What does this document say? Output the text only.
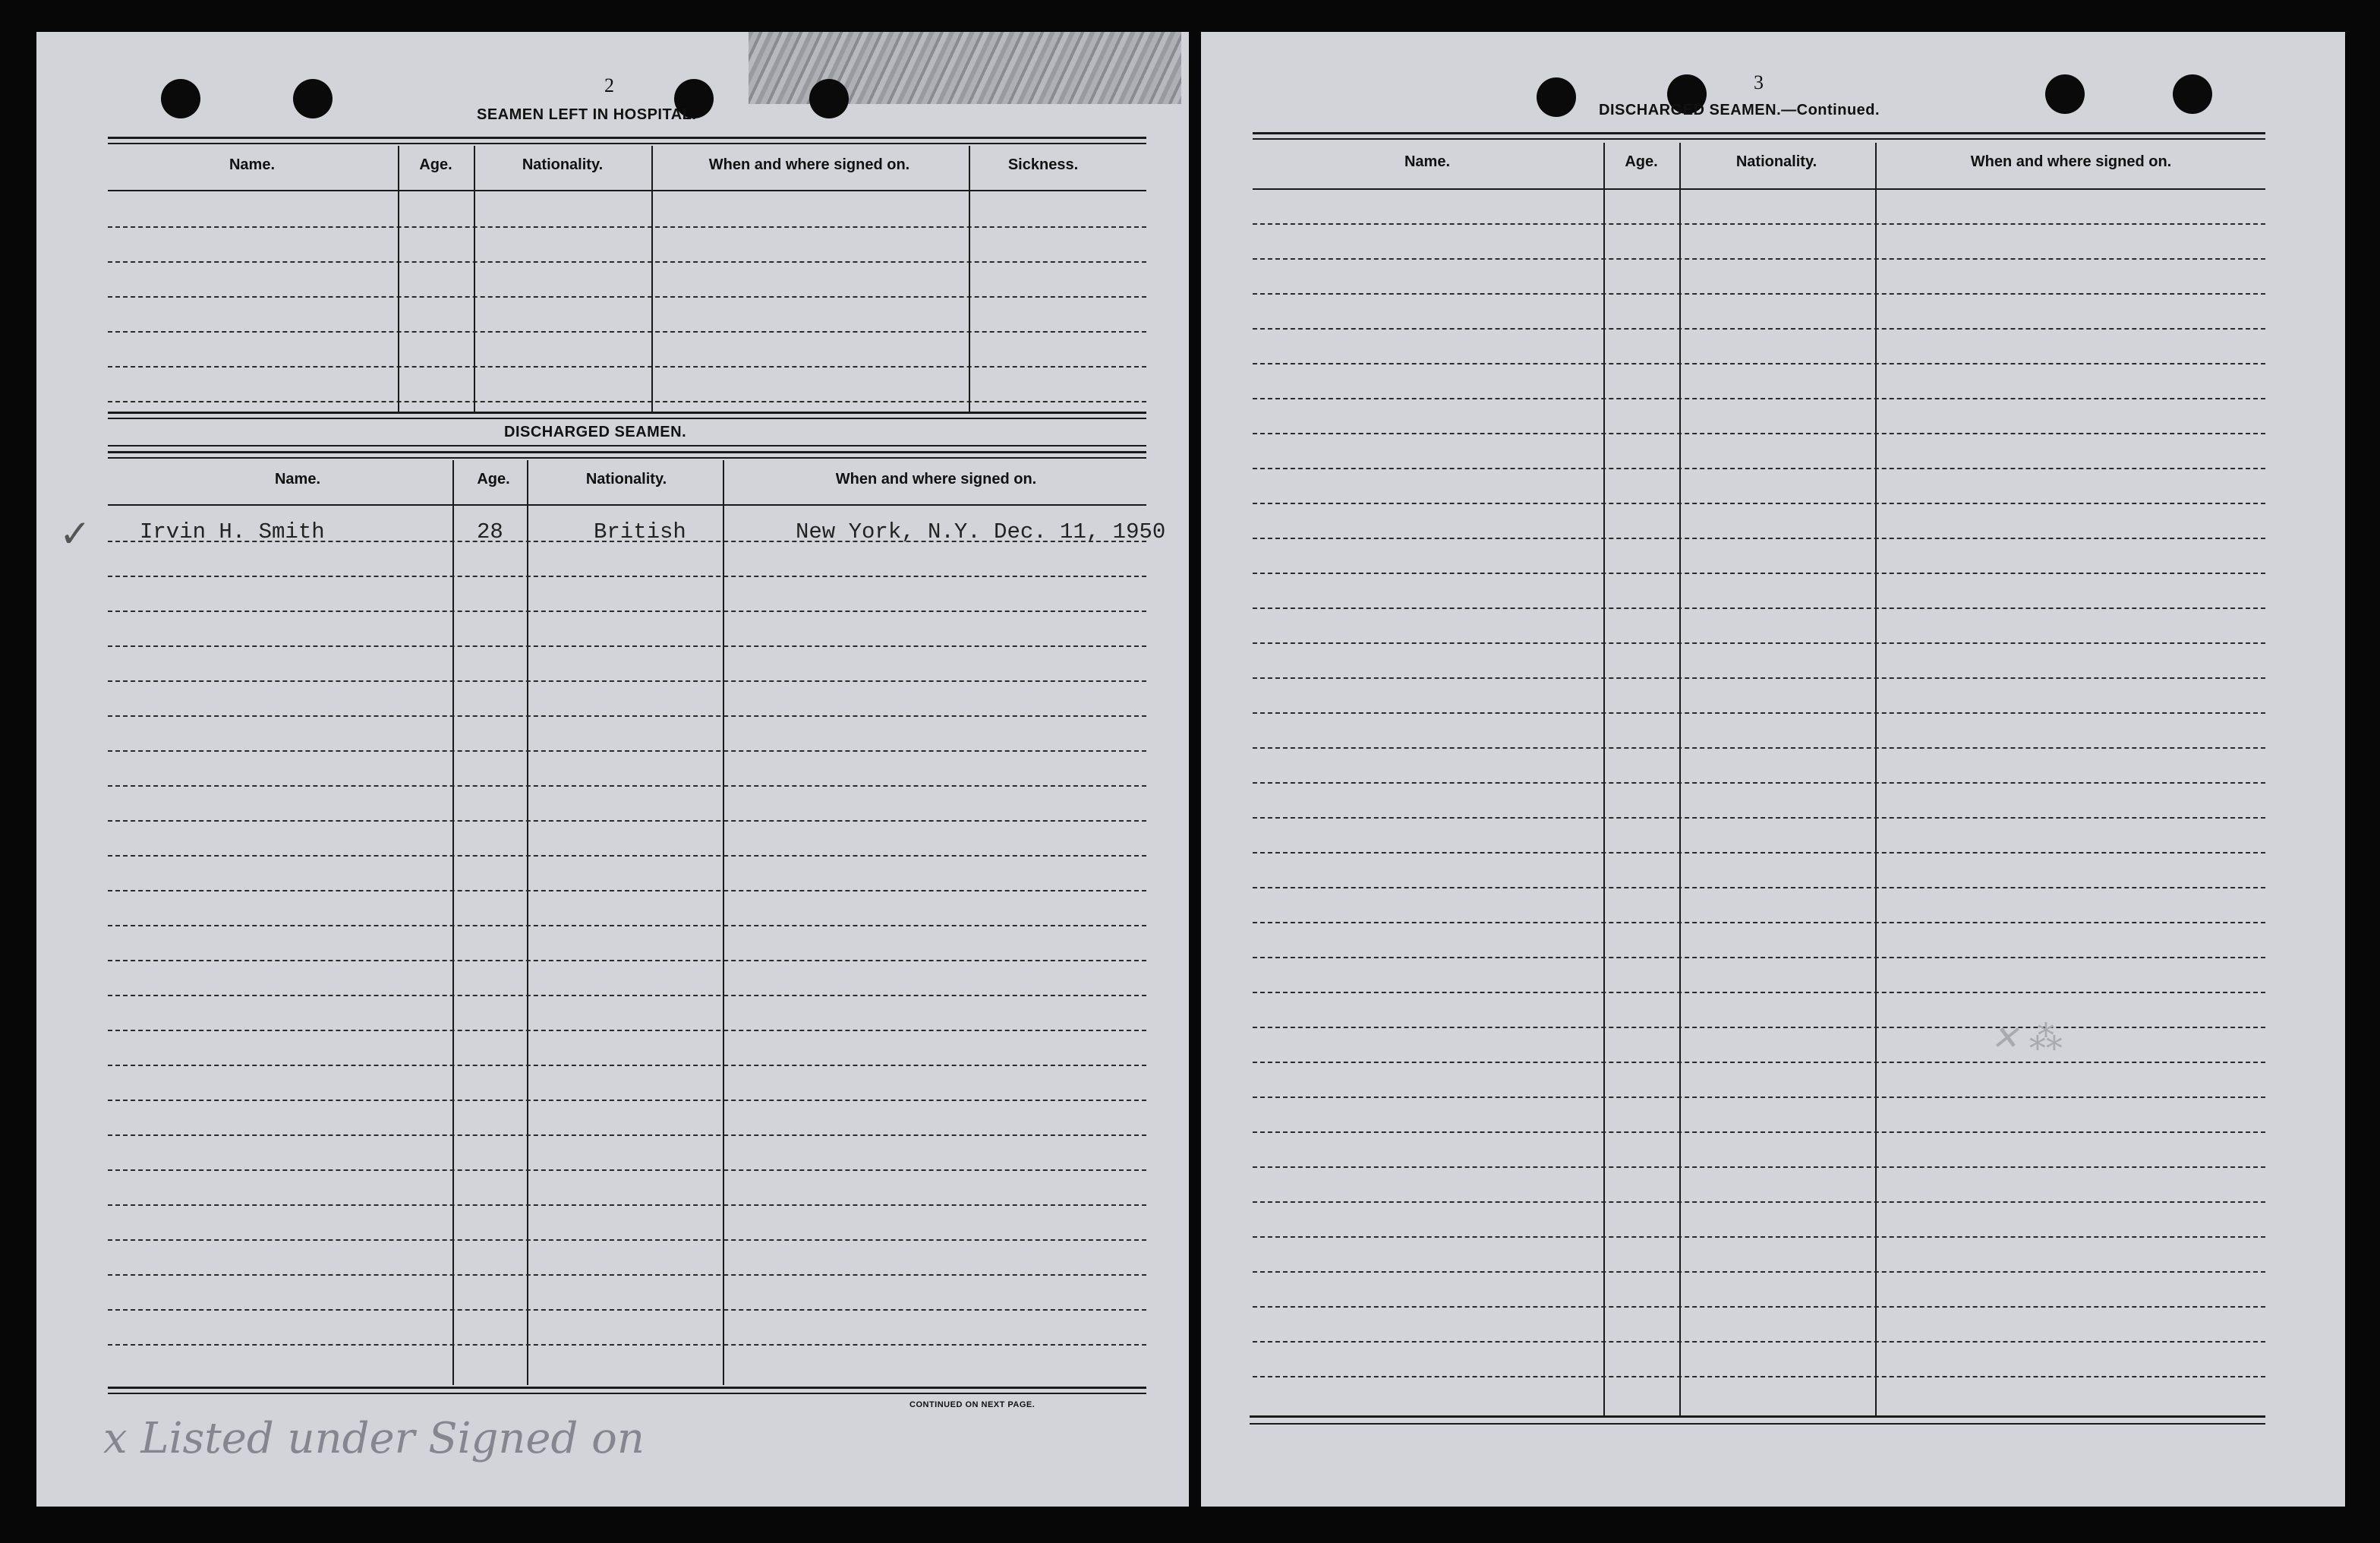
2
SEAMEN LEFT IN HOSPITAL.
Name.	Age.	Nationality.	When and where signed on.	Sickness.
DISCHARGED SEAMEN.
Name.	Age.	Nationality.	When and where signed on.
✓ Irvin H. Smith	28	British	New York, N.Y. Dec. 11, 1950
CONTINUED ON NEXT PAGE.
x Listed under Signed on
3
DISCHARGED SEAMEN.—Continued.
Name.	Age.	Nationality.	When and where signed on.
✕ ⁂
